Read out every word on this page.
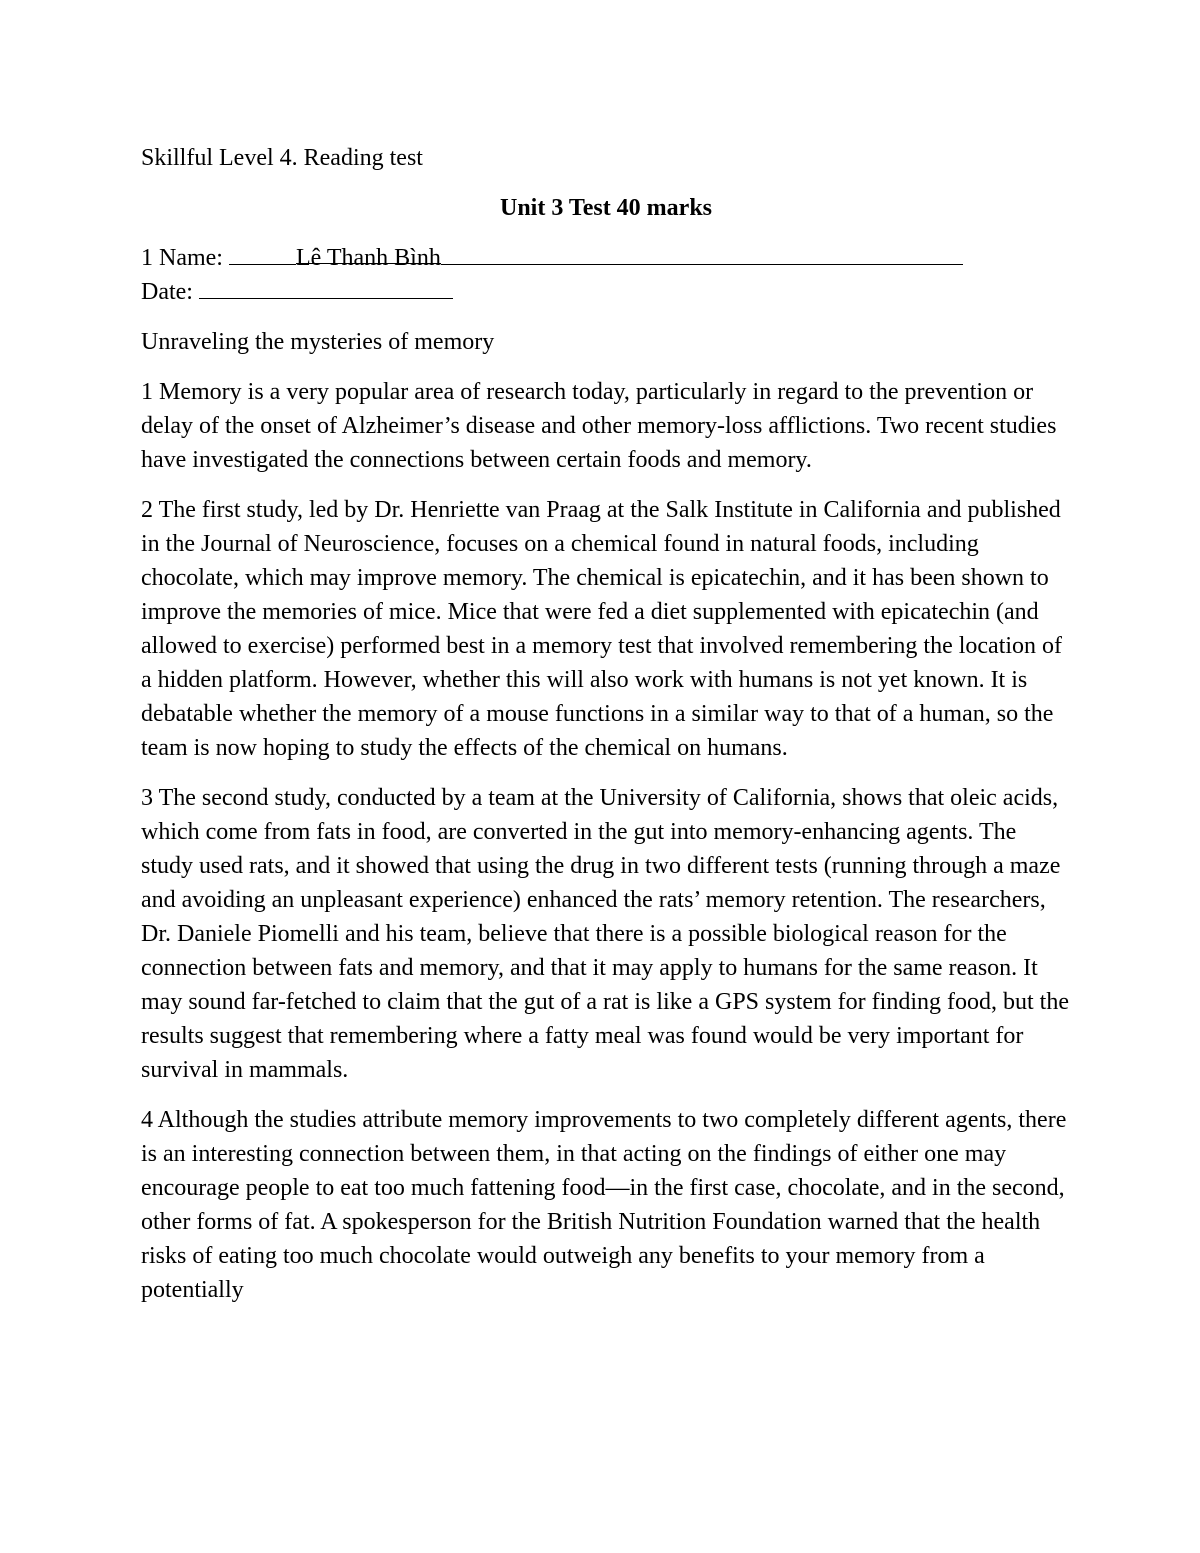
Skillful Level 4. Reading test

Unit 3 Test 40 marks

1 Name:	Lê Thanh Bình

Date:

Unraveling the mysteries of memory

1 Memory is a very popular area of research today, particularly in regard to the prevention or delay of the onset of Alzheimer’s disease and other memory-loss afflictions. Two recent studies have investigated the connections between certain foods and memory.

2 The first study, led by Dr. Henriette van Praag at the Salk Institute in California and published in the Journal of Neuroscience, focuses on a chemical found in natural foods, including chocolate, which may improve memory. The chemical is epicatechin, and it has been shown to improve the memories of mice. Mice that were fed a diet supplemented with epicatechin (and allowed to exercise) performed best in a memory test that involved remembering the location of a hidden platform. However, whether this will also work with humans is not yet known. It is debatable whether the memory of a mouse functions in a similar way to that of a human, so the team is now hoping to study the effects of the chemical on humans.

3 The second study, conducted by a team at the University of California, shows that oleic acids, which come from fats in food, are converted in the gut into memory-enhancing agents. The study used rats, and it showed that using the drug in two different tests (running through a maze and avoiding an unpleasant experience) enhanced the rats’ memory retention. The researchers, Dr. Daniele Piomelli and his team, believe that there is a possible biological reason for the connection between fats and memory, and that it may apply to humans for the same reason. It may sound far-fetched to claim that the gut of a rat is like a GPS system for finding food, but the results suggest that remembering where a fatty meal was found would be very important for survival in mammals.

4 Although the studies attribute memory improvements to two completely different agents, there is an interesting connection between them, in that acting on the findings of either one may encourage people to eat too much fattening food—in the first case, chocolate, and in the second, other forms of fat. A spokesperson for the British Nutrition Foundation warned that the health risks of eating too much chocolate would outweigh any benefits to your memory from a potentially
